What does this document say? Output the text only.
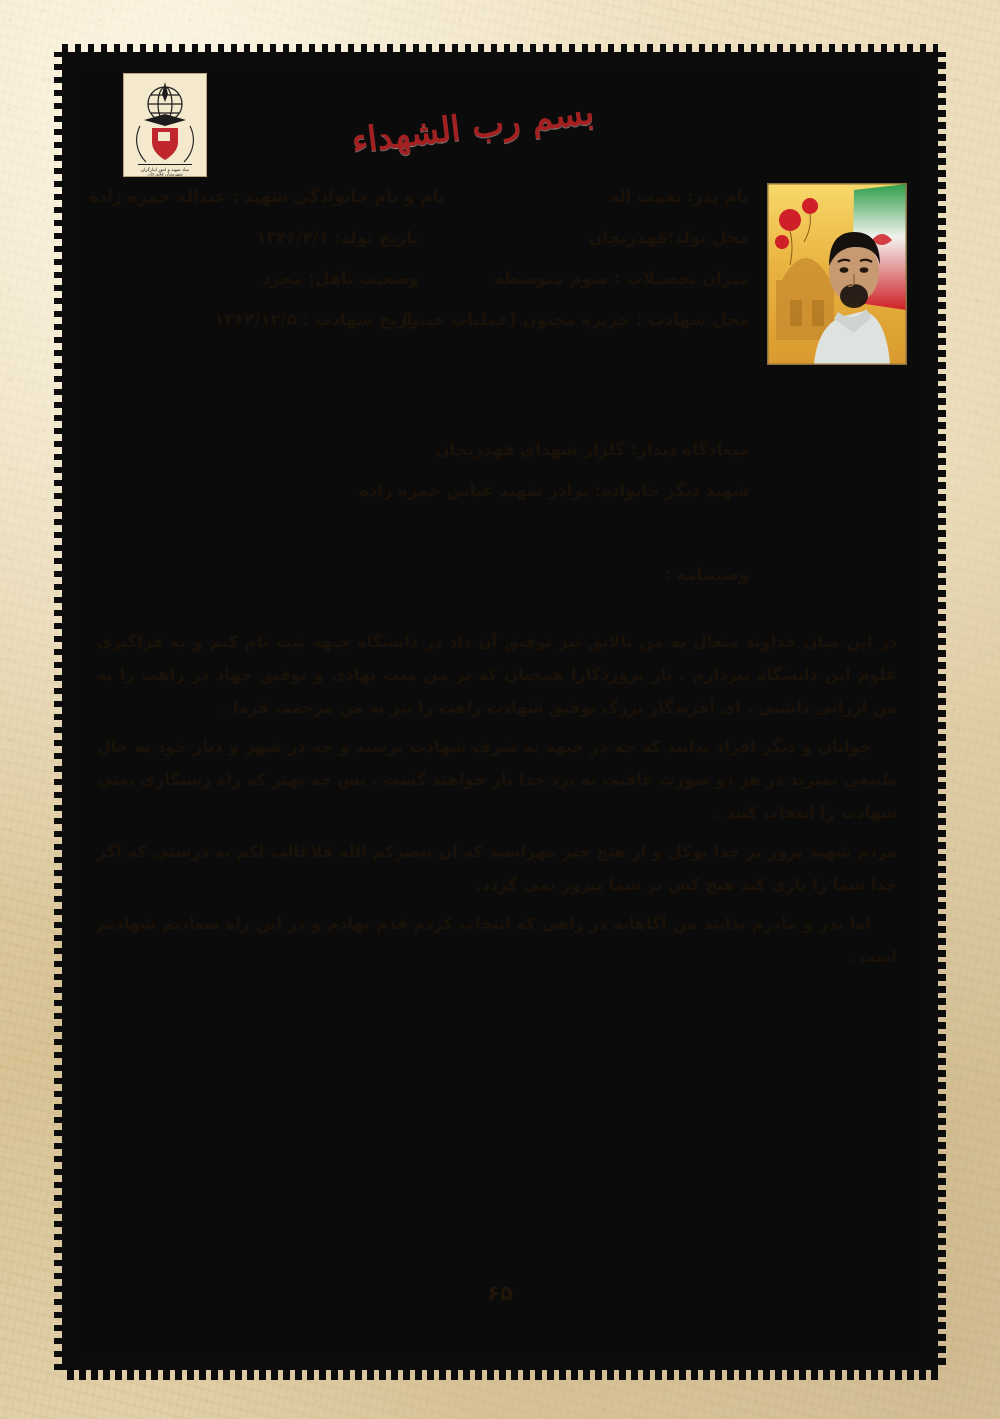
بسم رب الشهداء
بنیاد شهید و امور ایثارگران
شهرستان فلاورجان
نام پدر: نعمت اله
نام و نام خانوادگی شهید : عبداله حمزه زاده
محل تولد:قهدریجان
تاریخ تولد: ۱۳۴۶/۴/۱
میزان تحصیلات : سوم متوسطه
وضعیت تاهل: مجرد
محل شهادت : جزیره مجنون (عملیات خیبر)
تاریخ شهادت : ۱۳۶۲/۱۲/۵
میعادگاه دیدار: گلزار شهدای قهدریجان
شهید دیگر خانواده: برادر شهید عباس حمزه زاده
وصیتنامه :

در این میان خداوند متعال به من نالایق نیز توفیق آن داد در دانشگاه جبهه ثبت نام کنم و به فراگیری علوم این دانشگاه بپردازم . بار پروردگارا همچنان که بر من منت نهادی و توفیق جهاد در راهت را به من ارزانی داشتی ، ای آفریدگار بزرگ توفیق شهادت راهت را نیز به من مرحمت فرما .

جوانان و دیگر افراد بدانند که چه در جبهه به شرف شهادت برسند و چه در شهر و دیار خود به حال طبیعی بمیرند در هر دو صورت عاقبت به نزد خدا باز خواهند گشت . پس چه بهتر که راه رستگاری یعنی شهادت را انتخاب کنند .

مردم شهید پرور بر خدا توکل و از هیچ چیز مهراسید که ان ینصرکم الله فلاغالب لکم به درستی که اگر خدا شما را یاری کند هیچ کس بر شما پیروز نمی گردد.

اما پدر و مادرم بدانید من آگاهانه در راهی که انتخاب کردم قدم نهادم و در این راه سعادتم شهادتم است .

۶۵
